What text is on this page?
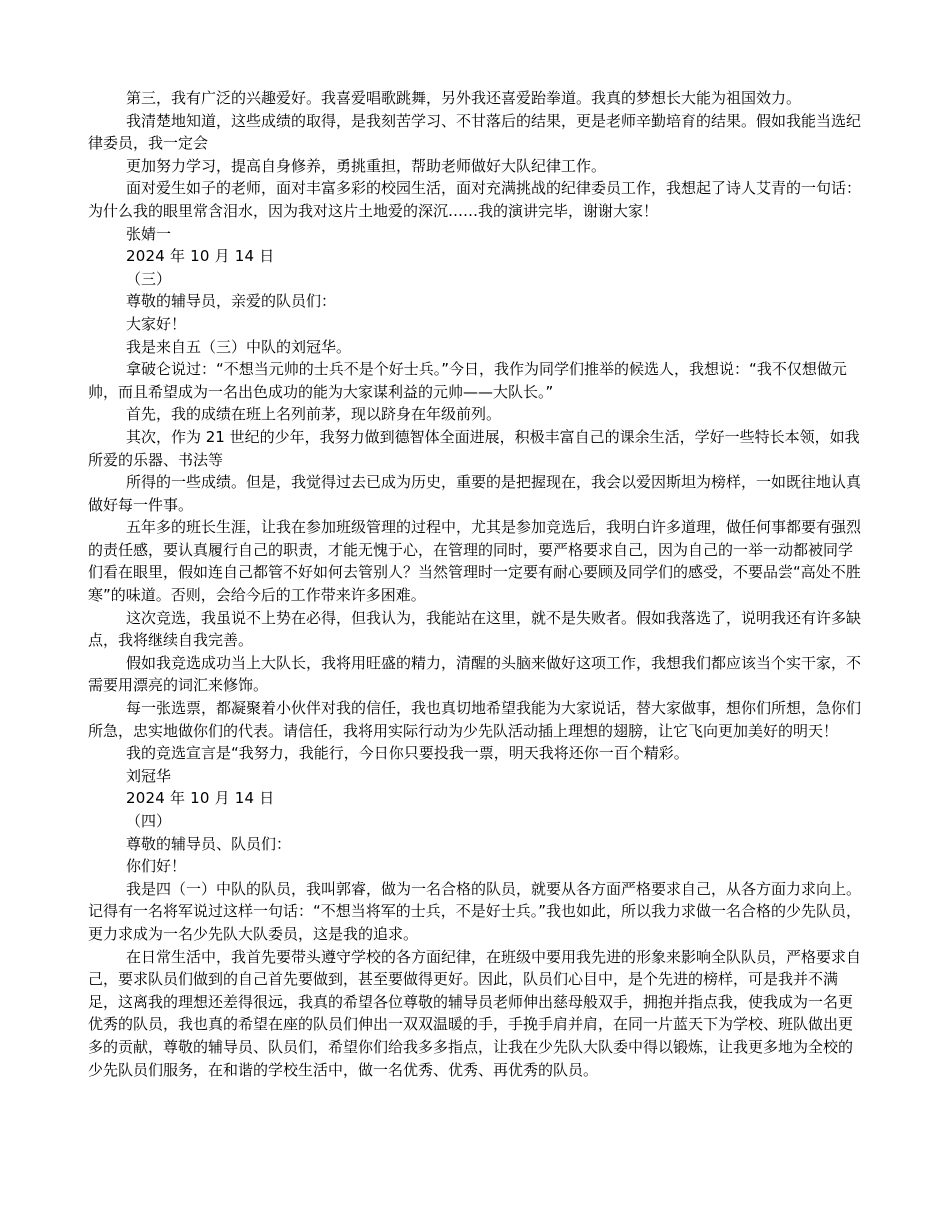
第三，我有广泛的兴趣爱好。我喜爱唱歌跳舞，另外我还喜爱跆拳道。我真的梦想长大能为祖国效力。

我清楚地知道，这些成绩的取得，是我刻苦学习、不甘落后的结果，更是老师辛勤培育的结果。假如我能当选纪律委员，我一定会

更加努力学习，提高自身修养，勇挑重担，帮助老师做好大队纪律工作。

面对爱生如子的老师，面对丰富多彩的校园生活，面对充满挑战的纪律委员工作，我想起了诗人艾青的一句话：为什么我的眼里常含泪水，因为我对这片土地爱的深沉……我的演讲完毕，谢谢大家！

张婧一

2024 年 10 月 14 日

（三）

尊敬的辅导员，亲爱的队员们：

大家好！

我是来自五（三）中队的刘冠华。

拿破仑说过：“不想当元帅的士兵不是个好士兵。”今日，我作为同学们推举的候选人，我想说：“我不仅想做元帅，而且希望成为一名出色成功的能为大家谋利益的元帅——大队长。”

首先，我的成绩在班上名列前茅，现以跻身在年级前列。

其次，作为 21 世纪的少年，我努力做到德智体全面进展，积极丰富自己的课余生活，学好一些特长本领，如我所爱的乐器、书法等

所得的一些成绩。但是，我觉得过去已成为历史，重要的是把握现在，我会以爱因斯坦为榜样，一如既往地认真做好每一件事。

五年多的班长生涯，让我在参加班级管理的过程中，尤其是参加竞选后，我明白许多道理，做任何事都要有强烈的责任感，要认真履行自己的职责，才能无愧于心，在管理的同时，要严格要求自己，因为自己的一举一动都被同学们看在眼里，假如连自己都管不好如何去管别人？当然管理时一定要有耐心要顾及同学们的感受，不要品尝“高处不胜寒”的味道。否则，会给今后的工作带来许多困难。

这次竞选，我虽说不上势在必得，但我认为，我能站在这里，就不是失败者。假如我落选了，说明我还有许多缺点，我将继续自我完善。

假如我竞选成功当上大队长，我将用旺盛的精力，清醒的头脑来做好这项工作，我想我们都应该当个实干家，不需要用漂亮的词汇来修饰。

每一张选票，都凝聚着小伙伴对我的信任，我也真切地希望我能为大家说话，替大家做事，想你们所想，急你们所急，忠实地做你们的代表。请信任，我将用实际行动为少先队活动插上理想的翅膀，让它飞向更加美好的明天！

我的竞选宣言是“我努力，我能行，今日你只要投我一票，明天我将还你一百个精彩。

刘冠华

2024 年 10 月 14 日

（四）

尊敬的辅导员、队员们：

你们好！

我是四（一）中队的队员，我叫郭睿，做为一名合格的队员，就要从各方面严格要求自己，从各方面力求向上。记得有一名将军说过这样一句话：“不想当将军的士兵，不是好士兵。”我也如此，所以我力求做一名合格的少先队员，更力求成为一名少先队大队委员，这是我的追求。

在日常生活中，我首先要带头遵守学校的各方面纪律，在班级中要用我先进的形象来影响全队队员，严格要求自己，要求队员们做到的自己首先要做到，甚至要做得更好。因此，队员们心目中，是个先进的榜样，可是我并不满足，这离我的理想还差得很远，我真的希望各位尊敬的辅导员老师伸出慈母般双手，拥抱并指点我，使我成为一名更优秀的队员，我也真的希望在座的队员们伸出一双双温暖的手，手挽手肩并肩，在同一片蓝天下为学校、班队做出更多的贡献，尊敬的辅导员、队员们，希望你们给我多多指点，让我在少先队大队委中得以锻炼，让我更多地为全校的少先队员们服务，在和谐的学校生活中，做一名优秀、优秀、再优秀的队员。
